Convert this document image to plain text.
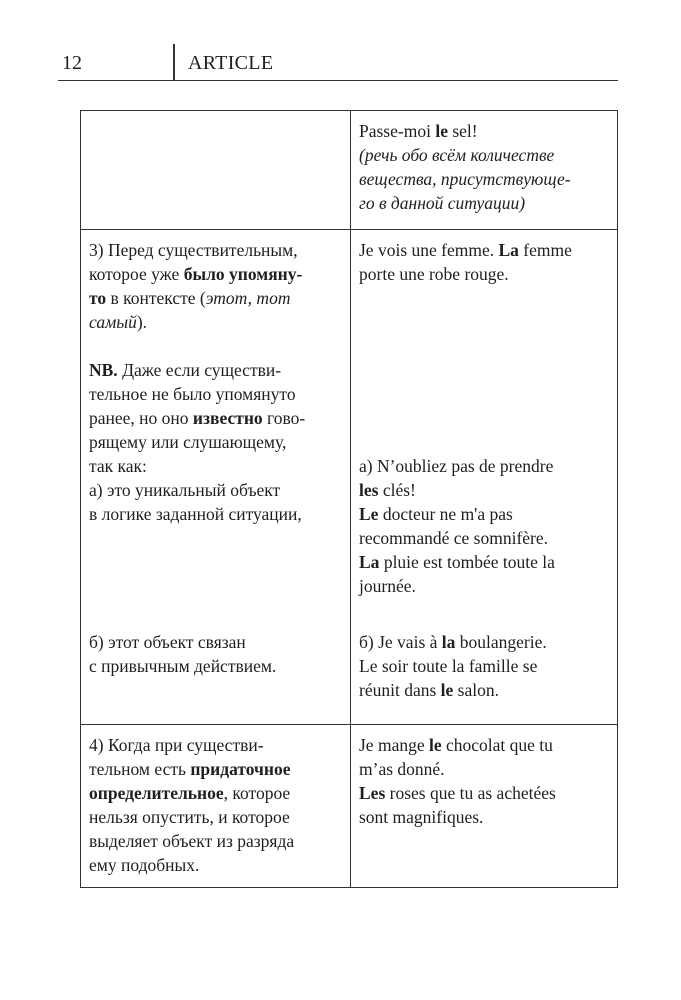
12	ARTICLE
Passe-moi le sel!
(речь обо всём количестве
вещества, присутствующе-
го в данной ситуации)
3) Перед существительным,
которое уже было упомяну-
то в контексте (этот, тот
самый).
NB. Даже если существи-
тельное не было упомянуто
ранее, но оно известно гово-
рящему или слушающему,
так как:
а) это уникальный объект
в логике заданной ситуации,
б) этот объект связан
с привычным действием.
Je vois une femme. La femme
porte une robe rouge.
а) N’oubliez pas de prendre
les clés!
Le docteur ne m'a pas
recommandé ce somnifère.
La pluie est tombée toute la
journée.
б) Je vais à la boulangerie.
Le soir toute la famille se
réunit dans le salon.
4) Когда при существи-
тельном есть придаточное
определительное, которое
нельзя опустить, и которое
выделяет объект из разряда
ему подобных.
Je mange le chocolat que tu
m’as donné.
Les roses que tu as achetées
sont magnifiques.
